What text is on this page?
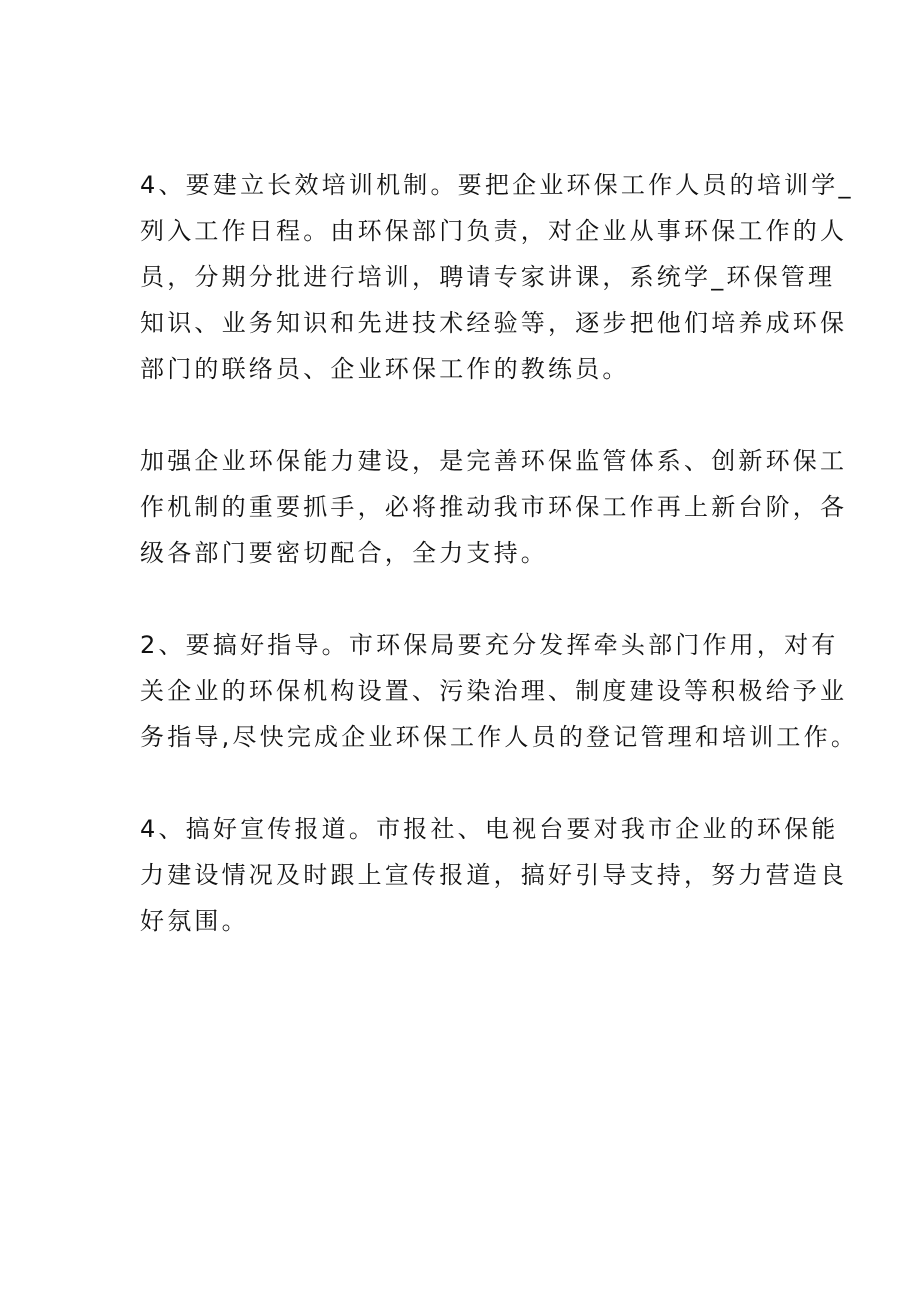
4、要建立长效培训机制。要把企业环保工作人员的培训学_
列入工作日程。由环保部门负责，对企业从事环保工作的人
员，分期分批进行培训，聘请专家讲课，系统学_环保管理
知识、业务知识和先进技术经验等，逐步把他们培养成环保
部门的联络员、企业环保工作的教练员。

加强企业环保能力建设，是完善环保监管体系、创新环保工
作机制的重要抓手，必将推动我市环保工作再上新台阶，各
级各部门要密切配合，全力支持。

2、要搞好指导。市环保局要充分发挥牵头部门作用，对有
关企业的环保机构设置、污染治理、制度建设等积极给予业
务指导,尽快完成企业环保工作人员的登记管理和培训工作。

4、搞好宣传报道。市报社、电视台要对我市企业的环保能
力建设情况及时跟上宣传报道，搞好引导支持，努力营造良
好氛围。
